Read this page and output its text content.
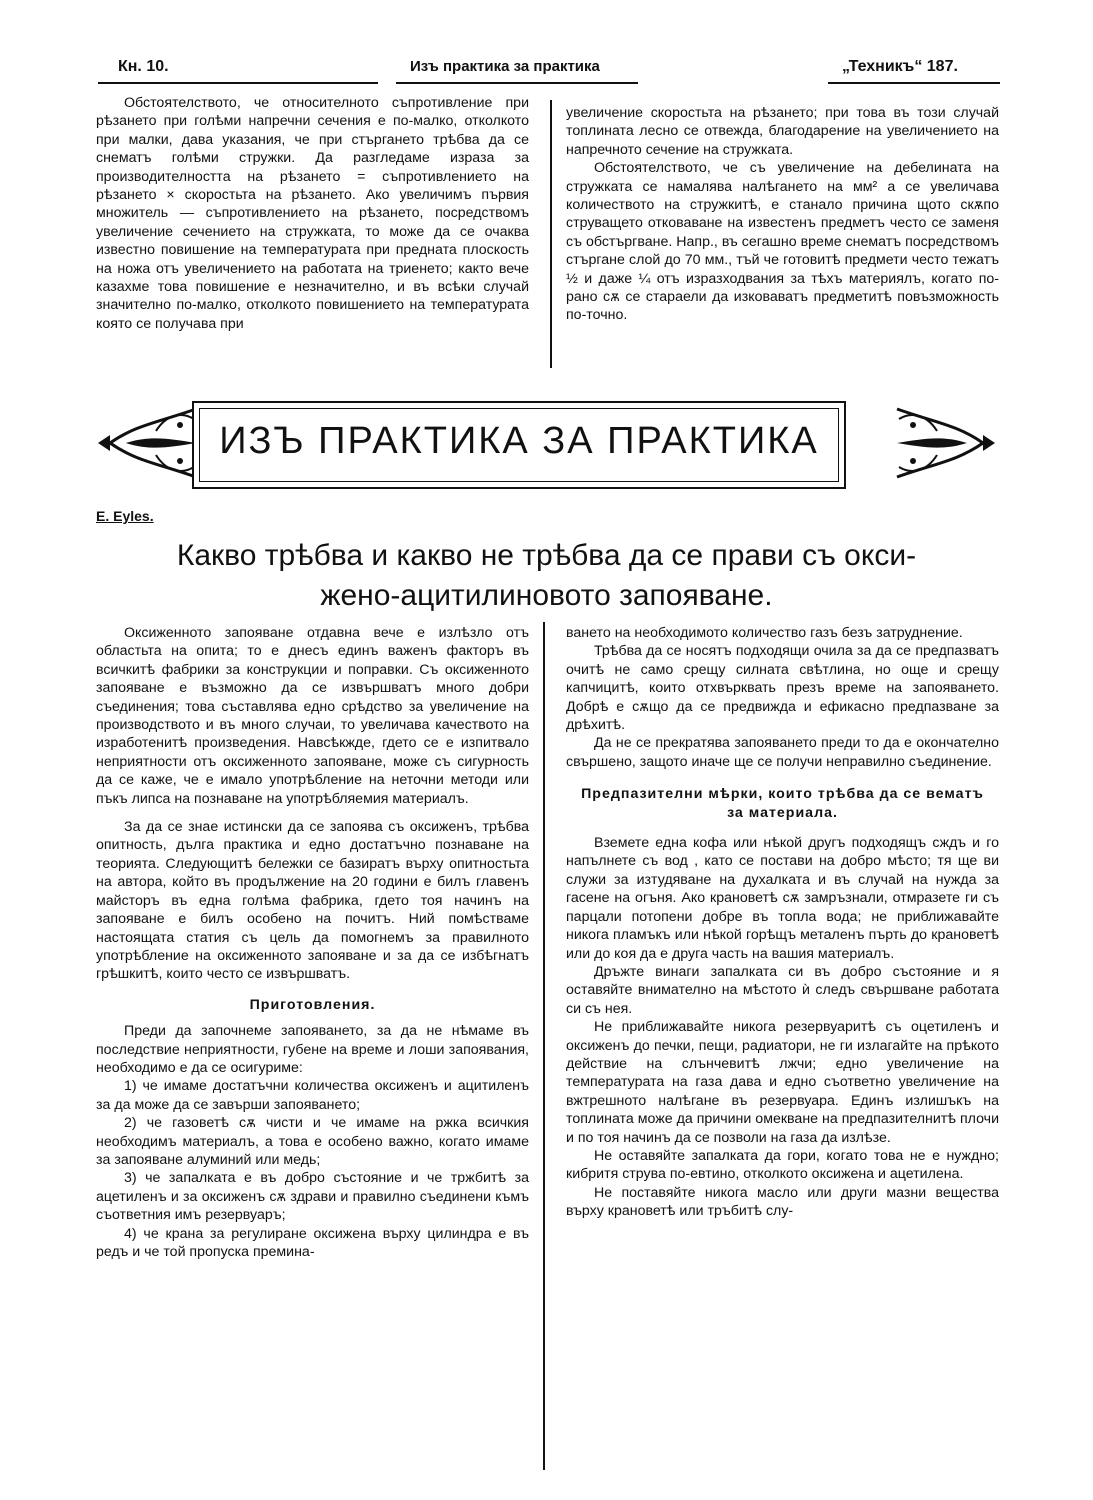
Кн. 10.	Изъ практика за практика	„Техникъ“ 187.

Обстоятелството, че относителното съпротивление при рѣзането при голѣми напречни сечения е по-малко, отколкото при малки, дава указания, че при стъргането трѣбва да се снематъ голѣми стружки. Да разгледаме израза за производителността на рѣзането = съпротивлението на рѣзането × скоростьта на рѣзането. Ако увеличимъ първия множитель — съпротивлението на рѣзането, посредствомъ увеличение сечението на стружката, то може да се очаква известно повишение на температурата при предната плоскость на ножа отъ увеличението на работата на триенето; както вече казахме това повишение е незначително, и въ всѣки случай значително по-малко, отколкото повишението на температурата която се получава при

увеличение скоростьта на рѣзането; при това въ този случай топлината лесно се отвежда, благодарение на увеличението на напречното сечение на стружката.

Обстоятелството, че съ увеличение на дебелината на стружката се намалява налѣгането на мм² а се увеличава количеството на стружкитѣ, е станало причина щото скѫпо струващето отковаване на известенъ предметъ често се заменя съ обстъргване. Напр., въ сегашно време снематъ посредствомъ стъргане слой до 70 мм., тъй че готовитѣ предмети често тежатъ ½ и даже ¼ отъ изразходвания за тѣхъ материялъ, когато по-рано сѫ се старaели да изковаватъ предметитѣ повъзможность по-точно.

ИЗЪ ПРАКТИКА ЗА ПРАКТИКА
E. Eyles.
Какво трѣбва и какво не трѣбва да се прави съ окси-
жено-ацитилиновото запояване.

Оксиженното запояване отдавна вече е излѣзло отъ областьта на опита; то е днесъ единъ важенъ факторъ въ всичкитѣ фабрики за конструкции и поправки. Съ оксиженното запояване е възможно да се извършватъ много добри съединения; това съставлява едно срѣдство за увеличение на производството и въ много случаи, то увеличава качеството на изработенитѣ произведения. Навсѣкжде, гдето се е изпитвало неприятности отъ оксиженното запояване, може съ сигурность да се каже, че е имало употрѣбление на неточни методи или пъкъ липса на познаване на употрѣбляемия материалъ.

За да се знае истински да се запоява съ оксиженъ, трѣбва опитность, дълга практика и едно достатъчно познаване на теорията. Следующитѣ бележки се базиратъ върху опитностьта на автора, който въ продължение на 20 години е билъ главенъ майсторъ въ една голѣма фабрика, гдето тоя начинъ на запояване е билъ особено на почитъ. Ний помѣстваме настоящата статия съ цель да помогнемъ за правилното употрѣбление на оксиженното запояване и за да се избѣгнатъ грѣшкитѣ, които често се извършватъ.

Приготовления.

Преди да започнеме запояването, за да не нѣмаме въ последствие неприятности, губене на време и лоши запоявания, необходимо е да се осигуриме:

1) че имаме достатъчни количества оксиженъ и ацитиленъ за да може да се завърши запояването;

2) че газоветѣ сѫ чисти и че имаме на ржка всичкия необходимъ материалъ, а това е особено важно, когато имаме за запояване алуминий или медь;

3) че запалката е въ добро състояние и че тржбитѣ за ацетиленъ и за оксиженъ сѫ здрави и правилно съединени къмъ съответния имъ резервуаръ;

4) че крана за регулиране оксижена върху цилиндра е въ редъ и че той пропуска премина-

ването на необходимото количество газъ безъ затруднение.

Трѣбва да се носятъ подходящи очила за да се предпазватъ очитѣ не само срещу силната свѣтлина, но още и срещу капчицитѣ, които отхвърквать презъ време на запояването. Добрѣ е сѫщо да се предвижда и ефикасно предпазване за дрѣхитѣ.

Да не се прекратява запояването преди то да е окончателно свършено, защото иначе ще се получи неправилно съединение.

Предпазителни мѣрки, които трѣбва да се вематъ за материала.

Вземете една кофа или нѣкой другъ подходящъ сждъ и го напълнете съ вод , като се постави на добро мѣсто; тя ще ви служи за изтудяване на духалката и въ случай на нужда за гасене на огъня. Ако крановетѣ сѫ замръзнали, отмразете ги съ парцали потопени добре въ топла вода; не приближавайте никога пламъкъ или нѣкой горѣщъ металенъ пърть до крановетѣ или до коя да е друга часть на вашия материалъ.

Дръжте винаги запалката си въ добро състояние и я оставяйте внимателно на мѣстото ѝ следъ свършване работата си съ нея.

Не приближавайте никога резервуаритѣ съ оцетиленъ и оксиженъ до печки, пещи, радиатори, не ги излагайте на прѣкото действие на слънчевитѣ лжчи; едно увеличение на температурата на газа дава и едно съответно увеличение на вжтрешното налѣгане въ резервуара. Единъ излишъкъ на топлината може да причини омекване на предпазителнитѣ плочи и по тоя начинъ да се позволи на газа да излѣзе.

Не оставяйте запалката да гори, когато това не е нуждно; кибритя струва по-евтино, отколкото оксижена и ацетилена.

Не поставяйте никога масло или други мазни вещества върху крановетѣ или тръбитѣ слу-
